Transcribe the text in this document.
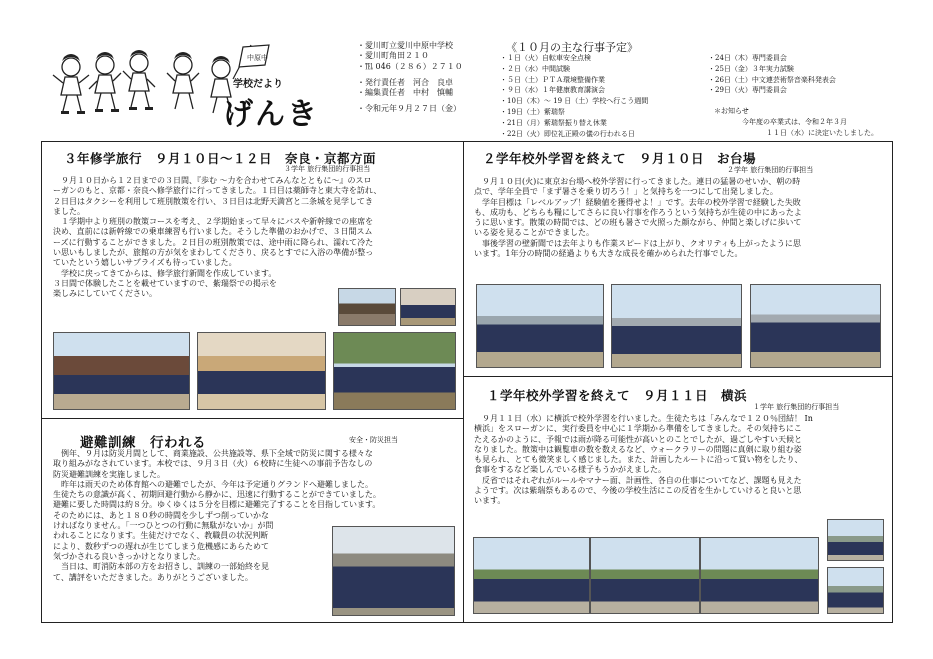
中原中
学校だより
げんき
・愛川町立愛川中原中学校
・愛川町角田２１０
・℡ 046（２８６）２７１０
・発行責任者　河合　良卓
・編集責任者　中村　慎輔
・令和元年９月２７日（金）
《１０月の主な行事予定》
・１日（火）自転車安全点検
・２日（水）中間試験
・５日（土）ＰＴＡ環境整備作業
・９日（水）１年健康教育講演会
・10日（木）～ 19 日（土）学校へ行こう週間
・19日（土）紫瑞祭
・21日（月）紫瑞祭振り替え休業
・22日（火）即位礼正殿の儀の行われる日
・24日（木）専門委員会
・25日（金）３年実力試験
・26日（土）中文連芸術祭音楽科発表会
・29日（火）専門委員会
＊お知らせ
今年度の卒業式は、令和２年３月
１１日（水）に決定いたしました。
３年修学旅行　９月１０日～１２日　奈良・京都方面
３学年 旅行集団的行事担当
　９月１０日から１２日までの３日間、『歩む ～力を合わせてみんなとともに～』のスロ
ーガンのもと、京都・奈良へ修学旅行に行ってきました。１日目は薬師寺と東大寺を訪れ、
２日目はタクシーを利用して班別散策を行い、３日目は北野天満宮と二条城を見学してき
ました。
　１学期中より班別の散策コースを考え、２学期始まって早々にバスや新幹線での座席を
決め、直前には新幹線での乗車練習も行いました。そうした準備のおかげで、３日間スム
ーズに行動することができました。２日目の班別散策では、途中雨に降られ、濡れて冷た
い思いもしましたが、旅館の方が気をまわしてくださり、戻るとすでに入浴の準備が整っ
ていたという嬉しいサプライズも待っていました。
　学校に戻ってきてからは、修学旅行新聞を作成しています。
３日間で体験したことを載せていますので、紫瑞祭での掲示を
楽しみにしていてください。
２学年校外学習を終えて　９月１０日　お台場
２学年 旅行集団的行事担当
　９月１０日(火)に東京お台場へ校外学習に行ってきました。連日の猛暑のせいか、朝の時
点で、学年全員で「まず暑さを乗り切ろう！」と気持ちを一つにして出発しました。
　学年目標は「レベルアップ！経験値を獲得せよ！」です。去年の校外学習で経験した失敗
も、成功も、どちらも糧にしてさらに良い行事を作ろうという気持ちが生徒の中にあったよ
うに思います。散策の時間では、どの班も暑さで火照った顔ながら、仲間と楽しげに歩いて
いる姿を見ることができました。
　事後学習の壁新聞では去年よりも作業スピードは上がり、クオリティも上がったように思
います。1年分の時間の経過よりも大きな成長を確かめられた行事でした。
避難訓練　行われる	安全・防災担当
　例年、９月は防災月間として、商業施設、公共施設等、県下全域で防災に関する様々な
取り組みがなされています。本校では、９月３日（火）６校時に生徒への事前予告なしの
防災避難訓練を実施しました。
　昨年は雨天のため体育館への避難でしたが、今年は予定通りグランドへ避難しました。
生徒たちの意識が高く、初期回避行動から静かに、迅速に行動することができていました。
避難に要した時間は約８分。ゆくゆくは５分を目標に避難完了することを目指しています。
そのためには、あと１８０秒の時間を少しずつ削っていかな
ければなりません。「一つひとつの行動に無駄がないか」が問
われることになります。生徒だけでなく、教職員の状況判断
により、数秒ずつの遅れが生じてしまう危機感にあらためて
気づかされる良いきっかけとなりました。
　当日は、町消防本部の方をお招きし、訓練の一部始終を見
て、講評をいただきました。ありがとうございました。
１学年校外学習を終えて　９月１１日　横浜
１学年 旅行集団的行事担当
　９月１１日（水）に横浜で校外学習を行いました。生徒たちは「みんなで１２０％団結！ In
横浜」をスローガンに、実行委員を中心に１学期から準備をしてきました。その気持ちにこ
たえるかのように、予報では雨が降る可能性が高いとのことでしたが、過ごしやすい天候と
なりました。散策中は観覧車の数を数えるなど、ウォークラリーの問題に真剣に取り組む姿
も見られ、とても微笑ましく感じました。また、計画したルートに沿って買い物をしたり、
食事をするなど楽しんでいる様子もうかがえました。
　反省ではそれぞれがルールやマナー面、計画性、各自の仕事についてなど、課題も見えた
ようです。次は紫瑞祭もあるので、今後の学校生活にこの反省を生かしていけると良いと思
います。
